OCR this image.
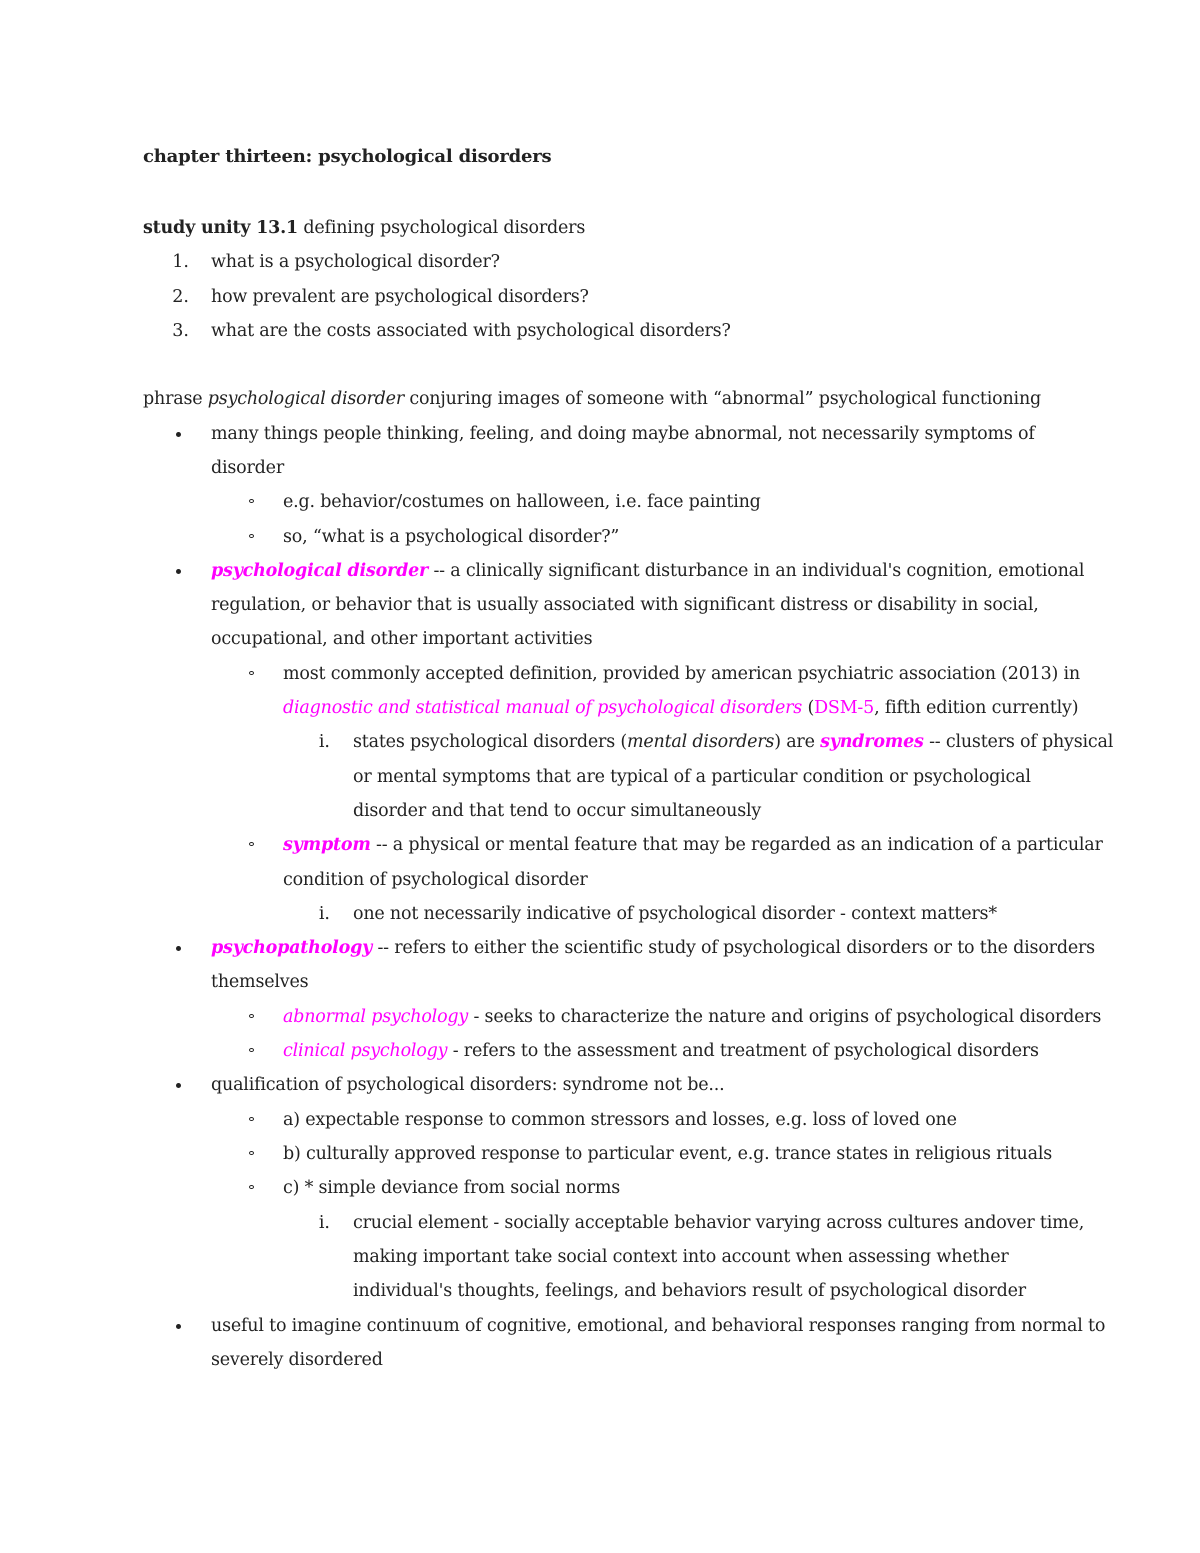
chapter thirteen: psychological disorders
study unity 13.1 defining psychological disorders
1. what is a psychological disorder?
2. how prevalent are psychological disorders?
3. what are the costs associated with psychological disorders?
phrase psychological disorder conjuring images of someone with “abnormal” psychological functioning
many things people thinking, feeling, and doing maybe abnormal, not necessarily symptoms of
disorder
e.g. behavior/costumes on halloween, i.e. face painting
so, “what is a psychological disorder?”
psychological disorder -- a clinically significant disturbance in an individual's cognition, emotional
regulation, or behavior that is usually associated with significant distress or disability in social,
occupational, and other important activities
most commonly accepted definition, provided by american psychiatric association (2013) in
diagnostic and statistical manual of psychological disorders (DSM-5, fifth edition currently)
i. states psychological disorders (mental disorders) are syndromes -- clusters of physical
or mental symptoms that are typical of a particular condition or psychological
disorder and that tend to occur simultaneously
symptom -- a physical or mental feature that may be regarded as an indication of a particular
condition of psychological disorder
i. one not necessarily indicative of psychological disorder - context matters*
psychopathology -- refers to either the scientific study of psychological disorders or to the disorders
themselves
abnormal psychology - seeks to characterize the nature and origins of psychological disorders
clinical psychology - refers to the assessment and treatment of psychological disorders
qualification of psychological disorders: syndrome not be...
a) expectable response to common stressors and losses, e.g. loss of loved one
b) culturally approved response to particular event, e.g. trance states in religious rituals
c) * simple deviance from social norms
i. crucial element - socially acceptable behavior varying across cultures andover time,
making important take social context into account when assessing whether
individual's thoughts, feelings, and behaviors result of psychological disorder
useful to imagine continuum of cognitive, emotional, and behavioral responses ranging from normal to
severely disordered
